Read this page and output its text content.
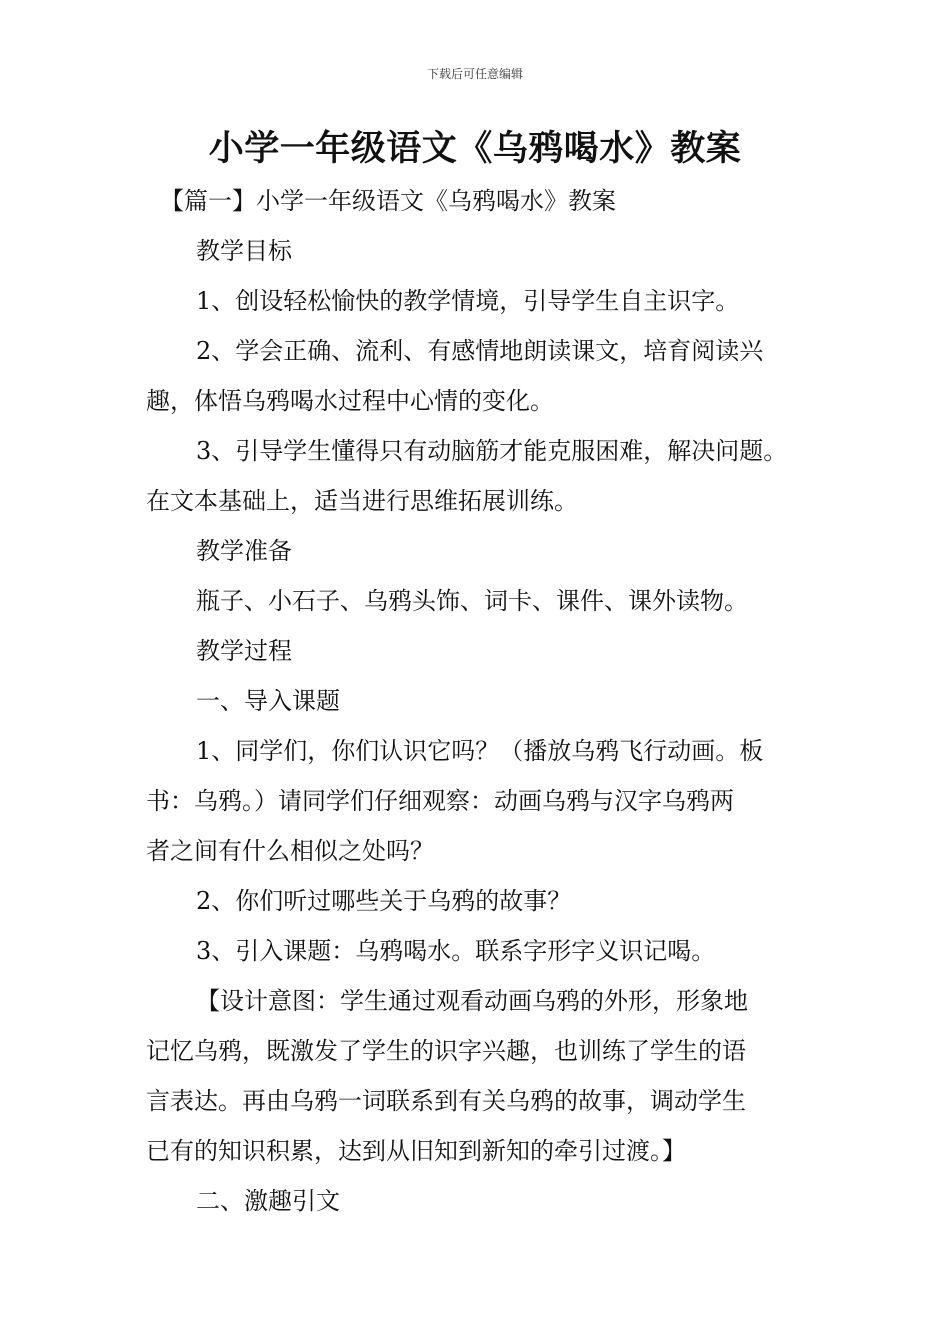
下载后可任意编辑
小学一年级语文《乌鸦喝水》教案

【篇一】小学一年级语文《乌鸦喝水》教案

教学目标

1、创设轻松愉快的教学情境，引导学生自主识字。

2、学会正确、流利、有感情地朗读课文，培育阅读兴

趣，体悟乌鸦喝水过程中心情的变化。

3、引导学生懂得只有动脑筋才能克服困难，解决问题。

在文本基础上，适当进行思维拓展训练。

教学准备

瓶子、小石子、乌鸦头饰、词卡、课件、课外读物。

教学过程

一、导入课题

1、同学们，你们认识它吗？（播放乌鸦飞行动画。板

书：乌鸦。）请同学们仔细观察：动画乌鸦与汉字乌鸦两

者之间有什么相似之处吗？

2、你们听过哪些关于乌鸦的故事？

3、引入课题：乌鸦喝水。联系字形字义识记喝。

【设计意图：学生通过观看动画乌鸦的外形，形象地

记忆乌鸦，既激发了学生的识字兴趣，也训练了学生的语

言表达。再由乌鸦一词联系到有关乌鸦的故事，调动学生

已有的知识积累，达到从旧知到新知的牵引过渡。】

二、激趣引文
